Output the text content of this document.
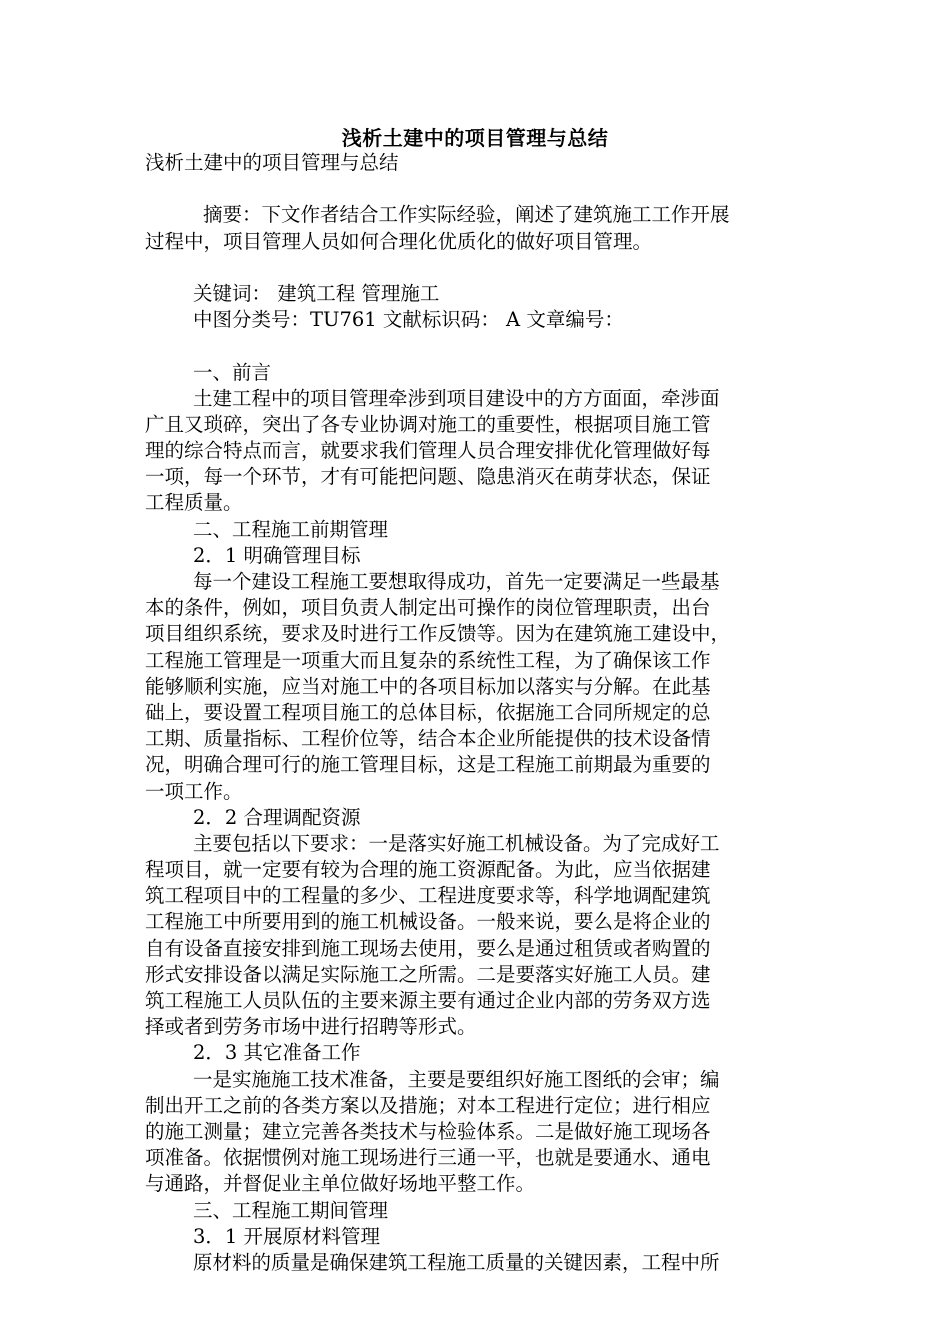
浅析土建中的项目管理与总结
浅析土建中的项目管理与总结
摘要：下文作者结合工作实际经验，阐述了建筑施工工作开展
过程中，项目管理人员如何合理化优质化的做好项目管理。
关键词： 建筑工程 管理施工
中图分类号：TU761 文献标识码： A 文章编号：
一、前言
土建工程中的项目管理牵涉到项目建设中的方方面面，牵涉面
广且又琐碎，突出了各专业协调对施工的重要性，根据项目施工管
理的综合特点而言，就要求我们管理人员合理安排优化管理做好每
一项，每一个环节，才有可能把问题、隐患消灭在萌芽状态，保证
工程质量。
二、工程施工前期管理
2．1 明确管理目标
每一个建设工程施工要想取得成功，首先一定要满足一些最基
本的条件，例如，项目负责人制定出可操作的岗位管理职责，出台
项目组织系统，要求及时进行工作反馈等。因为在建筑施工建设中，
工程施工管理是一项重大而且复杂的系统性工程，为了确保该工作
能够顺利实施，应当对施工中的各项目标加以落实与分解。在此基
础上，要设置工程项目施工的总体目标，依据施工合同所规定的总
工期、质量指标、工程价位等，结合本企业所能提供的技术设备情
况，明确合理可行的施工管理目标，这是工程施工前期最为重要的
一项工作。
2．2 合理调配资源
主要包括以下要求：一是落实好施工机械设备。为了完成好工
程项目，就一定要有较为合理的施工资源配备。为此，应当依据建
筑工程项目中的工程量的多少、工程进度要求等，科学地调配建筑
工程施工中所要用到的施工机械设备。一般来说，要么是将企业的
自有设备直接安排到施工现场去使用，要么是通过租赁或者购置的
形式安排设备以满足实际施工之所需。二是要落实好施工人员。建
筑工程施工人员队伍的主要来源主要有通过企业内部的劳务双方选
择或者到劳务市场中进行招聘等形式。
2．3 其它准备工作
一是实施施工技术准备，主要是要组织好施工图纸的会审；编
制出开工之前的各类方案以及措施；对本工程进行定位；进行相应
的施工测量；建立完善各类技术与检验体系。二是做好施工现场各
项准备。依据惯例对施工现场进行三通一平，也就是要通水、通电
与通路，并督促业主单位做好场地平整工作。
三、工程施工期间管理
3．1 开展原材料管理
原材料的质量是确保建筑工程施工质量的关键因素，工程中所
